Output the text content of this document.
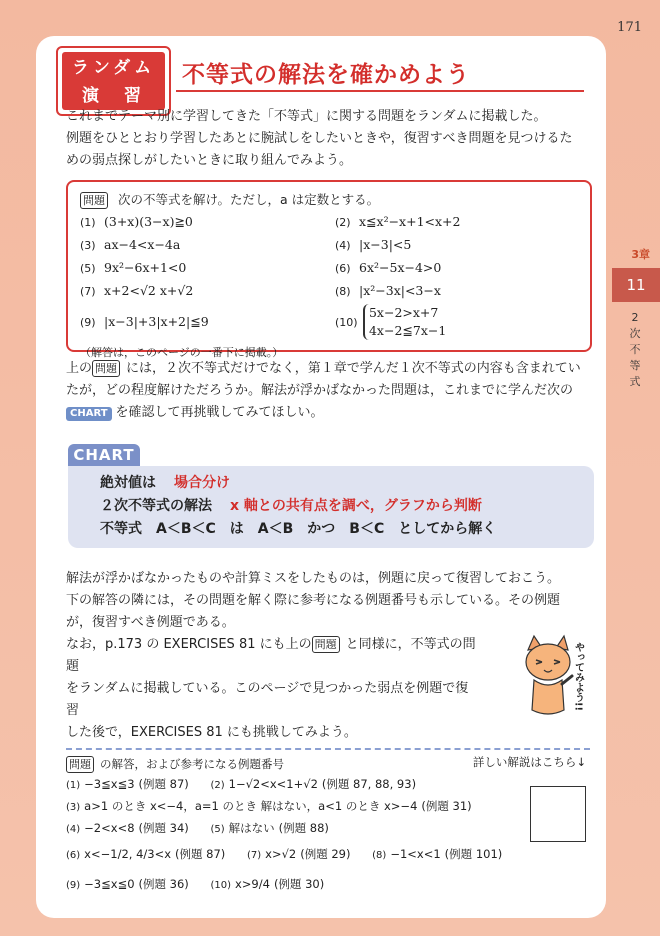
171
ランダム
演　習
不等式の解法を確かめよう
これまでテーマ別に学習してきた「不等式」に関する問題をランダムに掲載した。
例題をひととおり学習したあとに腕試しをしたいときや，復習すべき問題を見つけるた
めの弱点探しがしたいときに取り組んでみよう。
問題 次の不等式を解け。ただし，a は定数とする。
(1) (3+x)(3−x)≧0	(2) x≦x²−x+1<x+2
(3) ax−4<x−4a	(4) |x−3|<5
(5) 9x²−6x+1<0	(6) 6x²−5x−4>0
(7) x+2<√2 x+√2	(8) |x²−3x|<3−x
(9) |x−3|+3|x+2|≦9	(10)
5x−2>x+7
4x−2≦7x−1
（解答は，このページの一番下に掲載。）
上の 問題 には，２次不等式だけでなく，第１章で学んだ１次不等式の内容も含まれてい
たが，どの程度解けただろうか。解法が浮かばなかった問題は，これまでに学んだ次の
CHART を確認して再挑戦してみてほしい。
CHART
絶対値は 場合分け
２次不等式の解法 x 軸との共有点を調べ，グラフから判断
不等式　A＜B＜C　は　A＜B　かつ　B＜C　としてから解く
解法が浮かばなかったものや計算ミスをしたものは，例題に戻って復習しておこう。
下の解答の隣には，その問題を解く際に参考になる例題番号も示している。その例題
が，復習すべき例題である。
なお，p.173 の EXERCISES 81 にも上の 問題 と同様に，不等式の問題
をランダムに掲載している。このページで見つかった弱点を例題で復習
した後で，EXERCISES 81 にも挑戦してみよう。
やってみよう!!
問題 の解答，および参考になる例題番号
(1) −3≦x≦3 (例題 87) (2) 1−√2<x<1+√2 (例題 87, 88, 93)
(3) a>1 のとき x<−4，a=1 のとき 解はない，a<1 のとき x>−4 (例題 31)
(4) −2<x<8 (例題 34) (5) 解はない (例題 88)
(6) x<−1/2, 4/3<x (例題 87) (7) x>√2 (例題 29) (8) −1<x<1 (例題 101)
(9) −3≦x≦0 (例題 36) (10) x>9/4 (例題 30)
詳しい解説はこちら↓
3章
11
2次不等式
